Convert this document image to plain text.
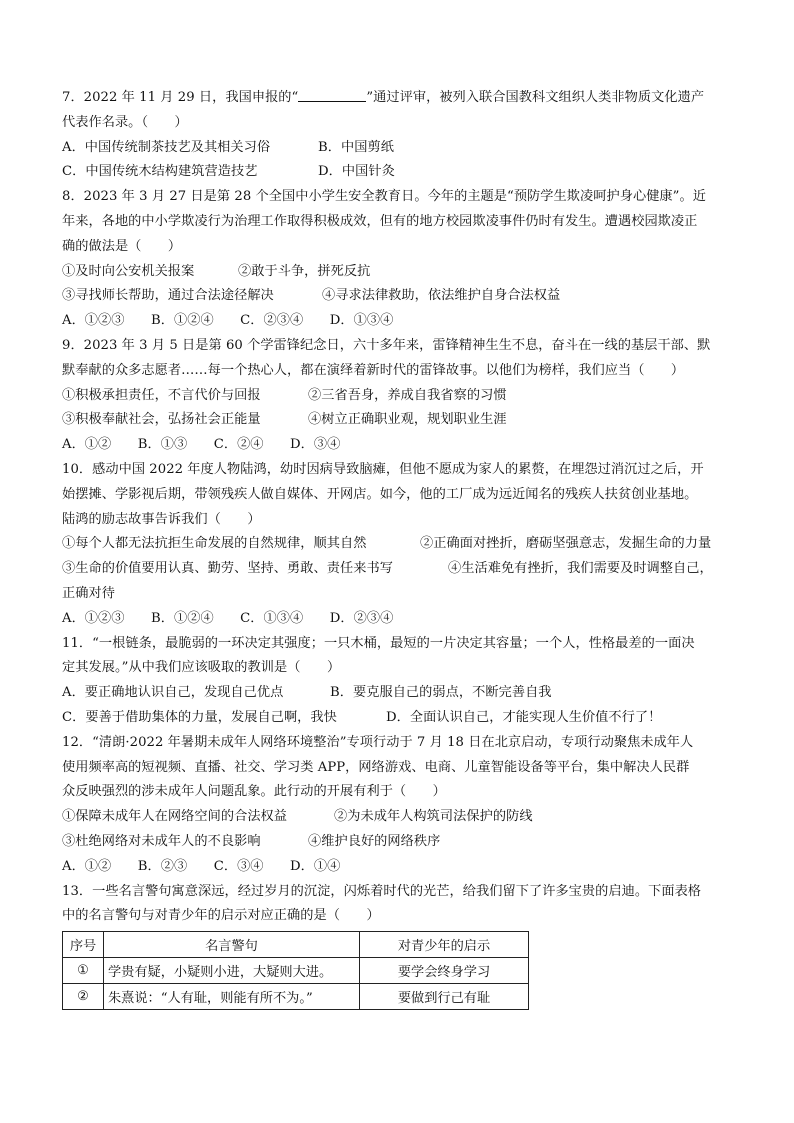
7．2022 年 11 月 29 日，我国申报的“	”通过评审，被列入联合国教科文组织人类非物质文化遗产
代表作名录。（　　）
A．中国传统制茶技艺及其相关习俗	B．中国剪纸
C．中国传统木结构建筑营造技艺	D．中国针灸
8．2023 年 3 月 27 日是第 28 个全国中小学生安全教育日。今年的主题是“预防学生欺凌呵护身心健康”。近
年来，各地的中小学欺凌行为治理工作取得积极成效，但有的地方校园欺凌事件仍时有发生。遭遇校园欺凌正
确的做法是（　　）
①及时向公安机关报案	②敢于斗争，拼死反抗
③寻找师长帮助，通过合法途径解决	④寻求法律救助，依法维护自身合法权益
A．①②③　　B．①②④　　C．②③④　　D．①③④
9．2023 年 3 月 5 日是第 60 个学雷锋纪念日，六十多年来，雷锋精神生生不息，奋斗在一线的基层干部、默
默奉献的众多志愿者……每一个热心人，都在演绎着新时代的雷锋故事。以他们为榜样，我们应当（　　）
①积极承担责任，不言代价与回报	②三省吾身，养成自我省察的习惯
③积极奉献社会，弘扬社会正能量	④树立正确职业观，规划职业生涯
A．①②　　B．①③　　C．②④　　D．③④
10．感动中国 2022 年度人物陆鸿，幼时因病导致脑瘫，但他不愿成为家人的累赘，在埋怨过消沉过之后，开
始摆摊、学影视后期，带领残疾人做自媒体、开网店。如今，他的工厂成为远近闻名的残疾人扶贫创业基地。
陆鸿的励志故事告诉我们（　　）
①每个人都无法抗拒生命发展的自然规律，顺其自然	②正确面对挫折，磨砺坚强意志，发掘生命的力量
③生命的价值要用认真、勤劳、坚持、勇敢、责任来书写	④生活难免有挫折，我们需要及时调整自己，
正确对待
A．①②③　　B．①②④　　C．①③④　　D．②③④
11．“一根链条，最脆弱的一环决定其强度；一只木桶，最短的一片决定其容量；一个人，性格最差的一面决
定其发展。”从中我们应该吸取的教训是（　　）
A．要正确地认识自己，发现自己优点	B．要克服自己的弱点，不断完善自我
C．要善于借助集体的力量，发展自己啊，我快	D．全面认识自己，才能实现人生价值不行了！
12．“清朗·2022 年暑期未成年人网络环境整治”专项行动于 7 月 18 日在北京启动，专项行动聚焦未成年人
使用频率高的短视频、直播、社交、学习类 APP，网络游戏、电商、儿童智能设备等平台，集中解决人民群
众反映强烈的涉未成年人问题乱象。此行动的开展有利于（　　）
①保障未成年人在网络空间的合法权益	②为未成年人构筑司法保护的防线
③杜绝网络对未成年人的不良影响	④维护良好的网络秩序
A．①②　　B．②③　　C．③④　　D．①④
13．一些名言警句寓意深远，经过岁月的沉淀，闪烁着时代的光芒，给我们留下了许多宝贵的启迪。下面表格
中的名言警句与对青少年的启示对应正确的是（　　）
序号	名言警句	对青少年的启示
①	学贵有疑，小疑则小进，大疑则大进。	要学会终身学习
②	朱熹说：“人有耻，则能有所不为。”	要做到行己有耻
